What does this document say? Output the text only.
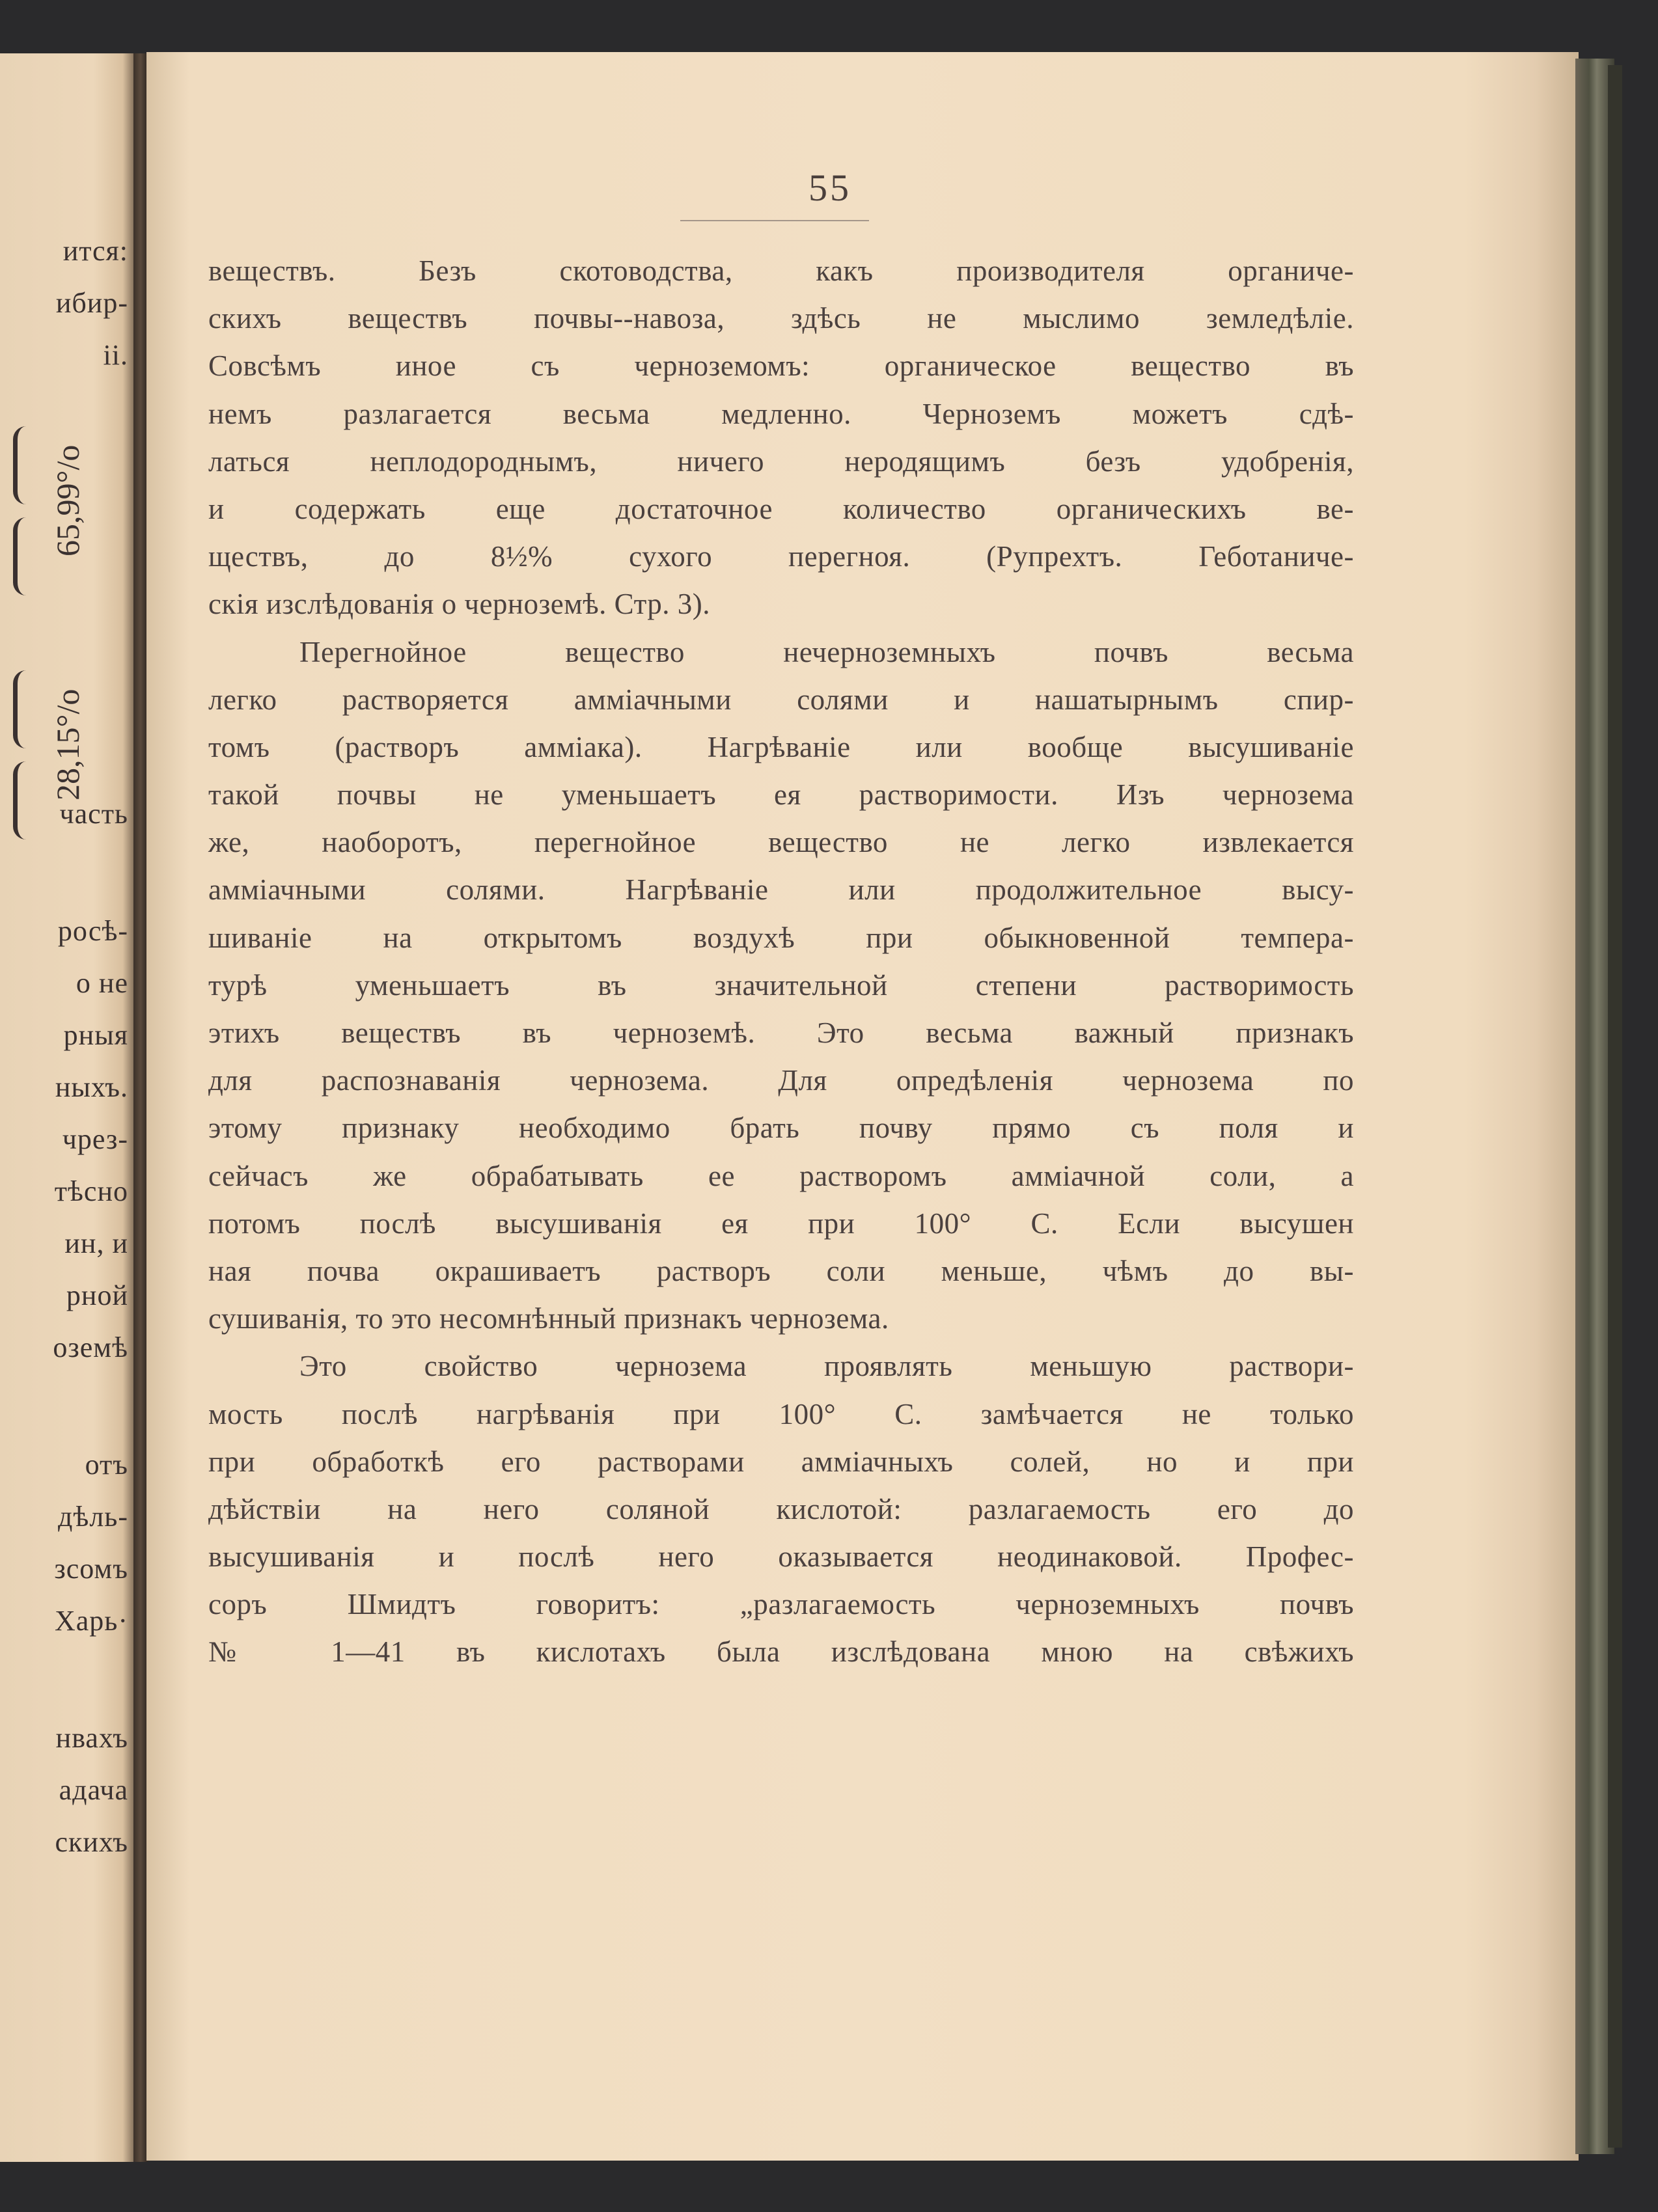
ится:
ибир-
ii.
часть
росѣ-
о не
рныя
ныхъ.
чрез-
тѣсно
ин, и
рной
оземѣ
отъ
дѣль-
зсомъ
Харь·
нвахъ
адача
скихъ
65,99°/o
28,15°/o
55
веществъ. Безъ скотоводства, какъ производителя органиче-
скихъ веществъ почвы--навоза, здѣсь не мыслимо земледѣліе.
Совсѣмъ иное съ черноземомъ: органическое вещество въ
немъ разлагается весьма медленно. Черноземъ можетъ сдѣ-
латься неплодороднымъ, ничего неродящимъ безъ удобренія,
и содержать еще достаточное количество органическихъ ве-
ществъ, до 8½% сухого перегноя. (Рупрехтъ. Геботаниче-
скія изслѣдованія о черноземѣ. Стр. 3).
Перегнойное вещество нечерноземныхъ почвъ весьма
легко растворяется амміачными солями и нашатырнымъ спир-
томъ (растворъ амміака). Нагрѣваніе или вообще высушиваніе
такой почвы не уменьшаетъ ея растворимости. Изъ чернозема
же, наоборотъ, перегнойное вещество не легко извлекается
амміачными солями. Нагрѣваніе или продолжительное высу-
шиваніе на открытомъ воздухѣ при обыкновенной темпера-
турѣ уменьшаетъ въ значительной степени растворимость
этихъ веществъ въ черноземѣ. Это весьма важный признакъ
для распознаванія чернозема. Для опредѣленія чернозема по
этому признаку необходимо брать почву прямо съ поля и
сейчасъ же обрабатывать ее растворомъ амміачной соли, а
потомъ послѣ высушиванія ея при 100° С. Если высушен
ная почва окрашиваетъ растворъ соли меньше, чѣмъ до вы-
сушиванія, то это несомнѣнный признакъ чернозема.
Это свойство чернозема проявлять меньшую раствори-
мость послѣ нагрѣванія при 100° С. замѣчается не только
при обработкѣ его растворами амміачныхъ солей, но и при
дѣйствіи на него соляной кислотой: разлагаемость его до
высушиванія и послѣ него оказывается неодинаковой. Профес-
соръ Шмидтъ говоритъ: „разлагаемость черноземныхъ почвъ
№ 1—41 въ кислотахъ была изслѣдована мною на свѣжихъ
